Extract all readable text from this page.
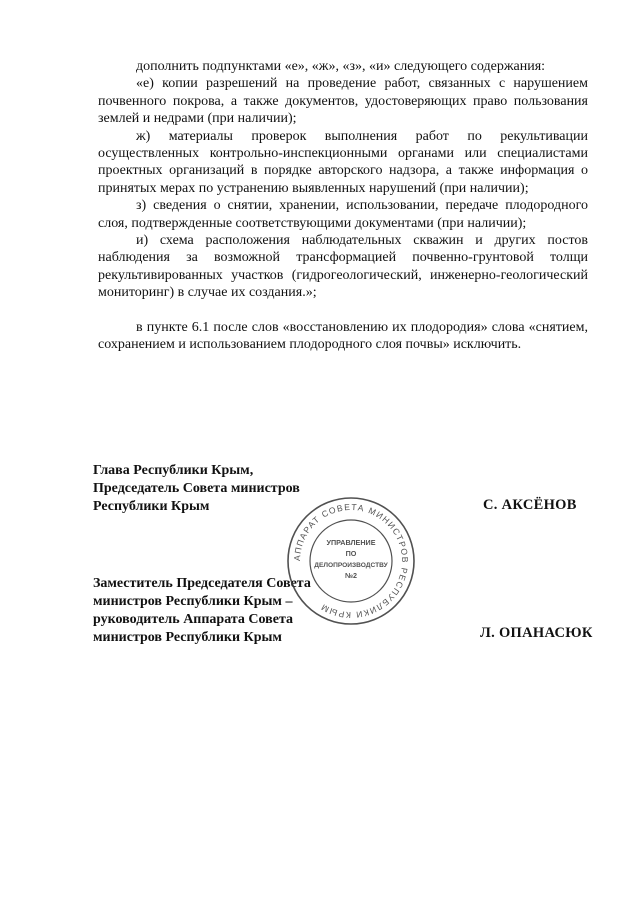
дополнить подпунктами «е», «ж», «з», «и» следующего содержания:

«е) копии разрешений на проведение работ, связанных с нарушением почвенного покрова, а также документов, удостоверяющих право пользования землей и недрами (при наличии);

ж) материалы проверок выполнения работ по рекультивации осуществленных контрольно-инспекционными органами или специалистами проектных организаций в порядке авторского надзора, а также информация о принятых мерах по устранению выявленных нарушений (при наличии);

з) сведения о снятии, хранении, использовании, передаче плодородного слоя, подтвержденные соответствующими документами (при наличии);

и) схема расположения наблюдательных скважин и других постов наблюдения за возможной трансформацией почвенно-грунтовой толщи рекультивированных участков (гидрогеологический, инженерно-геологический мониторинг) в случае их создания.»;

в пункте 6.1 после слов «восстановлению их плодородия» слова «снятием, сохранением и использованием плодородного слоя почвы» исключить.

Глава Республики Крым,
Председатель Совета министров
Республики Крым	С. АКСЁНОВ
Заместитель Председателя Совета
министров Республики Крым –
руководитель Аппарата Совета
министров Республики Крым	Л. ОПАНАСЮК
АППАРАТ СОВЕТА МИНИСТРОВ РЕСПУБЛИКИ КРЫМ
УПРАВЛЕНИЕ
ПО
ДЕЛОПРОИЗВОДСТВУ
№2
